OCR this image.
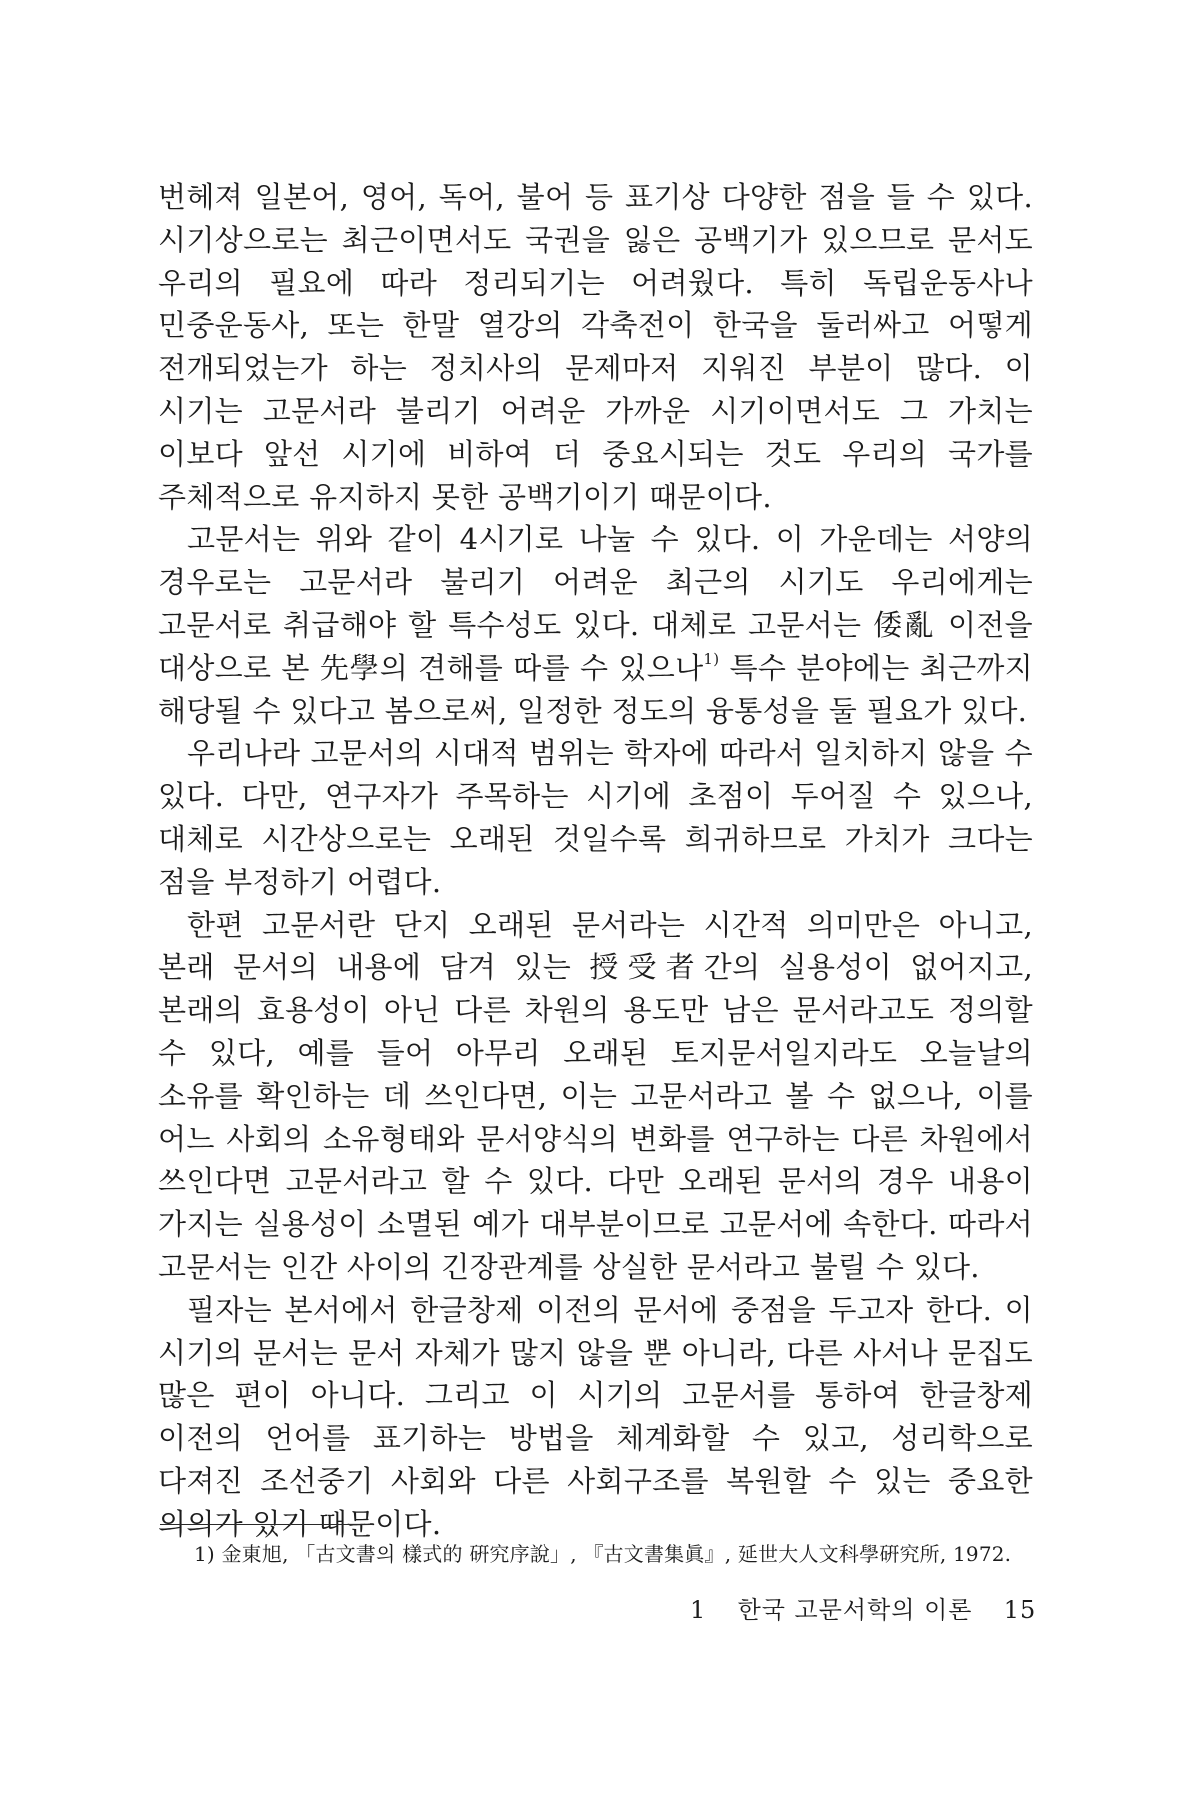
번헤져 일본어, 영어, 독어, 불어 등 표기상 다양한 점을 들 수 있다. 시기상으로는 최근이면서도 국권을 잃은 공백기가 있으므로 문서도 우리의 필요에 따라 정리되기는 어려웠다. 특히 독립운동사나 민중운동사, 또는 한말 열강의 각축전이 한국을 둘러싸고 어떻게 전개되었는가 하는 정치사의 문제마저 지워진 부분이 많다. 이 시기는 고문서라 불리기 어려운 가까운 시기이면서도 그 가치는 이보다 앞선 시기에 비하여 더 중요시되는 것도 우리의 국가를 주체적으로 유지하지 못한 공백기이기 때문이다.

고문서는 위와 같이 4시기로 나눌 수 있다. 이 가운데는 서양의 경우로는 고문서라 불리기 어려운 최근의 시기도 우리에게는 고문서로 취급해야 할 특수성도 있다. 대체로 고문서는 倭亂 이전을 대상으로 본 先學의 견해를 따를 수 있으나$^{1)}$ 특수 분야에는 최근까지 해당될 수 있다고 봄으로써, 일정한 정도의 융통성을 둘 필요가 있다.

우리나라 고문서의 시대적 범위는 학자에 따라서 일치하지 않을 수 있다. 다만, 연구자가 주목하는 시기에 초점이 두어질 수 있으나, 대체로 시간상으로는 오래된 것일수록 희귀하므로 가치가 크다는 점을 부정하기 어렵다.

한편 고문서란 단지 오래된 문서라는 시간적 의미만은 아니고, 본래 문서의 내용에 담겨 있는 授受者간의 실용성이 없어지고, 본래의 효용성이 아닌 다른 차원의 용도만 남은 문서라고도 정의할 수 있다, 예를 들어 아무리 오래된 토지문서일지라도 오늘날의 소유를 확인하는 데 쓰인다면, 이는 고문서라고 볼 수 없으나, 이를 어느 사회의 소유형태와 문서양식의 변화를 연구하는 다른 차원에서 쓰인다면 고문서라고 할 수 있다. 다만 오래된 문서의 경우 내용이 가지는 실용성이 소멸된 예가 대부분이므로 고문서에 속한다. 따라서 고문서는 인간 사이의 긴장관계를 상실한 문서라고 불릴 수 있다.

필자는 본서에서 한글창제 이전의 문서에 중점을 두고자 한다. 이 시기의 문서는 문서 자체가 많지 않을 뿐 아니라, 다른 사서나 문집도 많은 편이 아니다. 그리고 이 시기의 고문서를 통하여 한글창제 이전의 언어를 표기하는 방법을 체계화할 수 있고, 성리학으로 다져진 조선중기 사회와 다른 사회구조를 복원할 수 있는 중요한 의의가 있기 때문이다.

1) 金東旭, 「古文書의 樣式的 硏究序說」, 『古文書集眞』, 延世大人文科學硏究所, 1972.
1 한국 고문서학의 이론 15
